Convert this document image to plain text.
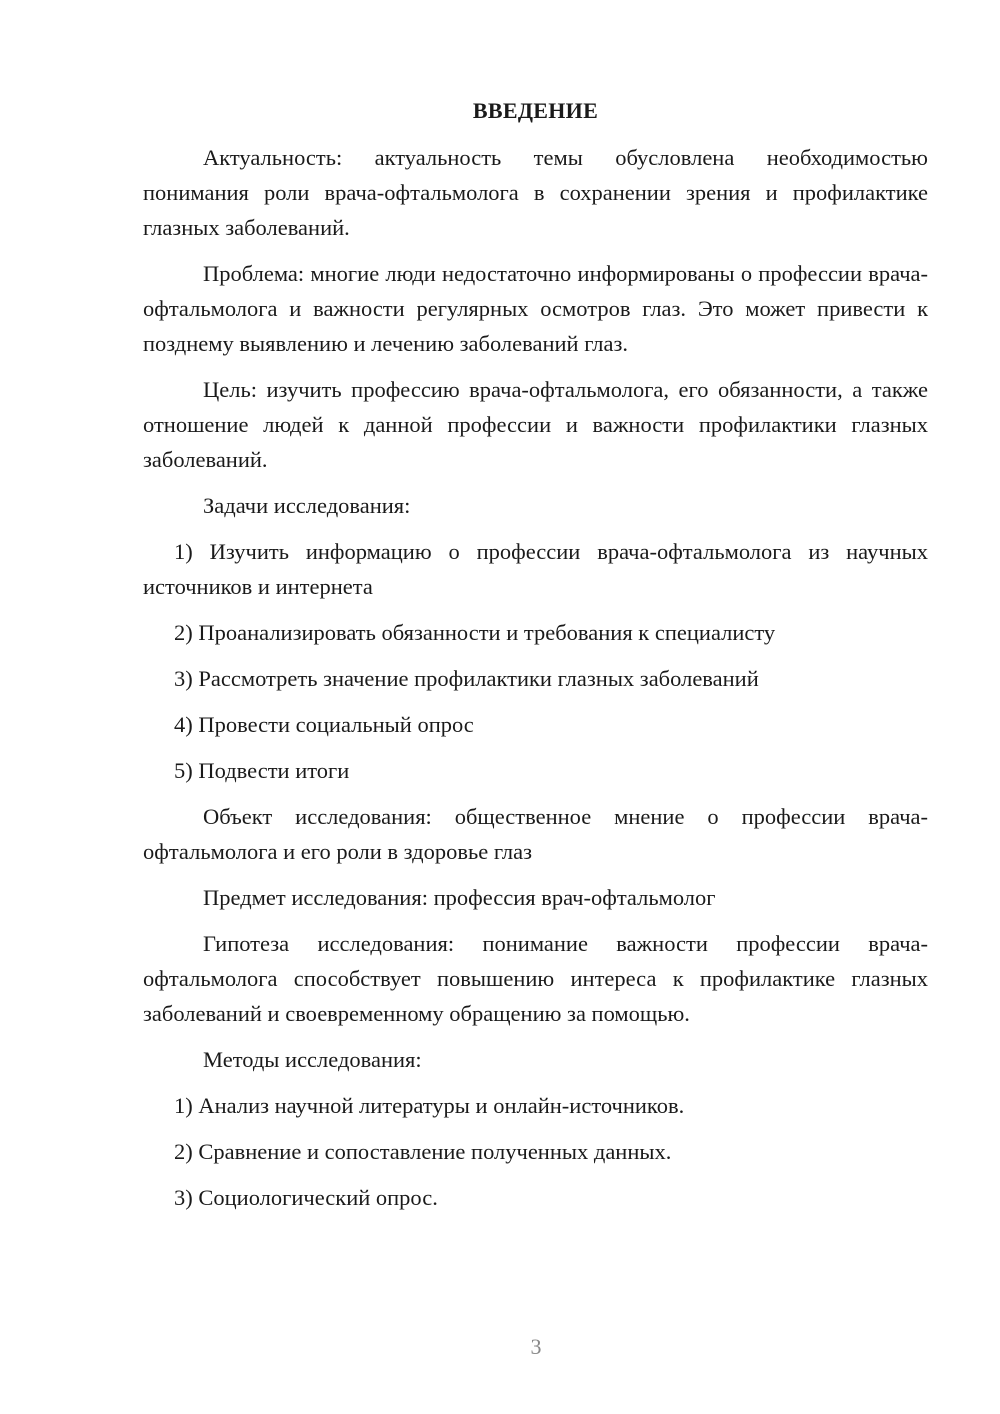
ВВЕДЕНИЕ

Актуальность: актуальность темы обусловлена необходимостью понимания роли врача-офтальмолога в сохранении зрения и профилактике глазных заболеваний.

Проблема: многие люди недостаточно информированы о профессии врача-офтальмолога и важности регулярных осмотров глаз. Это может привести к позднему выявлению и лечению заболеваний глаз.

Цель: изучить профессию врача-офтальмолога, его обязанности, а также отношение людей к данной профессии и важности профилактики глазных заболеваний.

Задачи исследования:

1) Изучить информацию о профессии врача-офтальмолога из научных источников и интернета

2) Проанализировать обязанности и требования к специалисту

3) Рассмотреть значение профилактики глазных заболеваний

4) Провести социальный опрос

5) Подвести итоги

Объект исследования: общественное мнение о профессии врача-офтальмолога и его роли в здоровье глаз

Предмет исследования: профессия врач-офтальмолог

Гипотеза исследования: понимание важности профессии врача-офтальмолога способствует повышению интереса к профилактике глазных заболеваний и своевременному обращению за помощью.

Методы исследования:

1) Анализ научной литературы и онлайн-источников.

2) Сравнение и сопоставление полученных данных.

3) Социологический опрос.

3
